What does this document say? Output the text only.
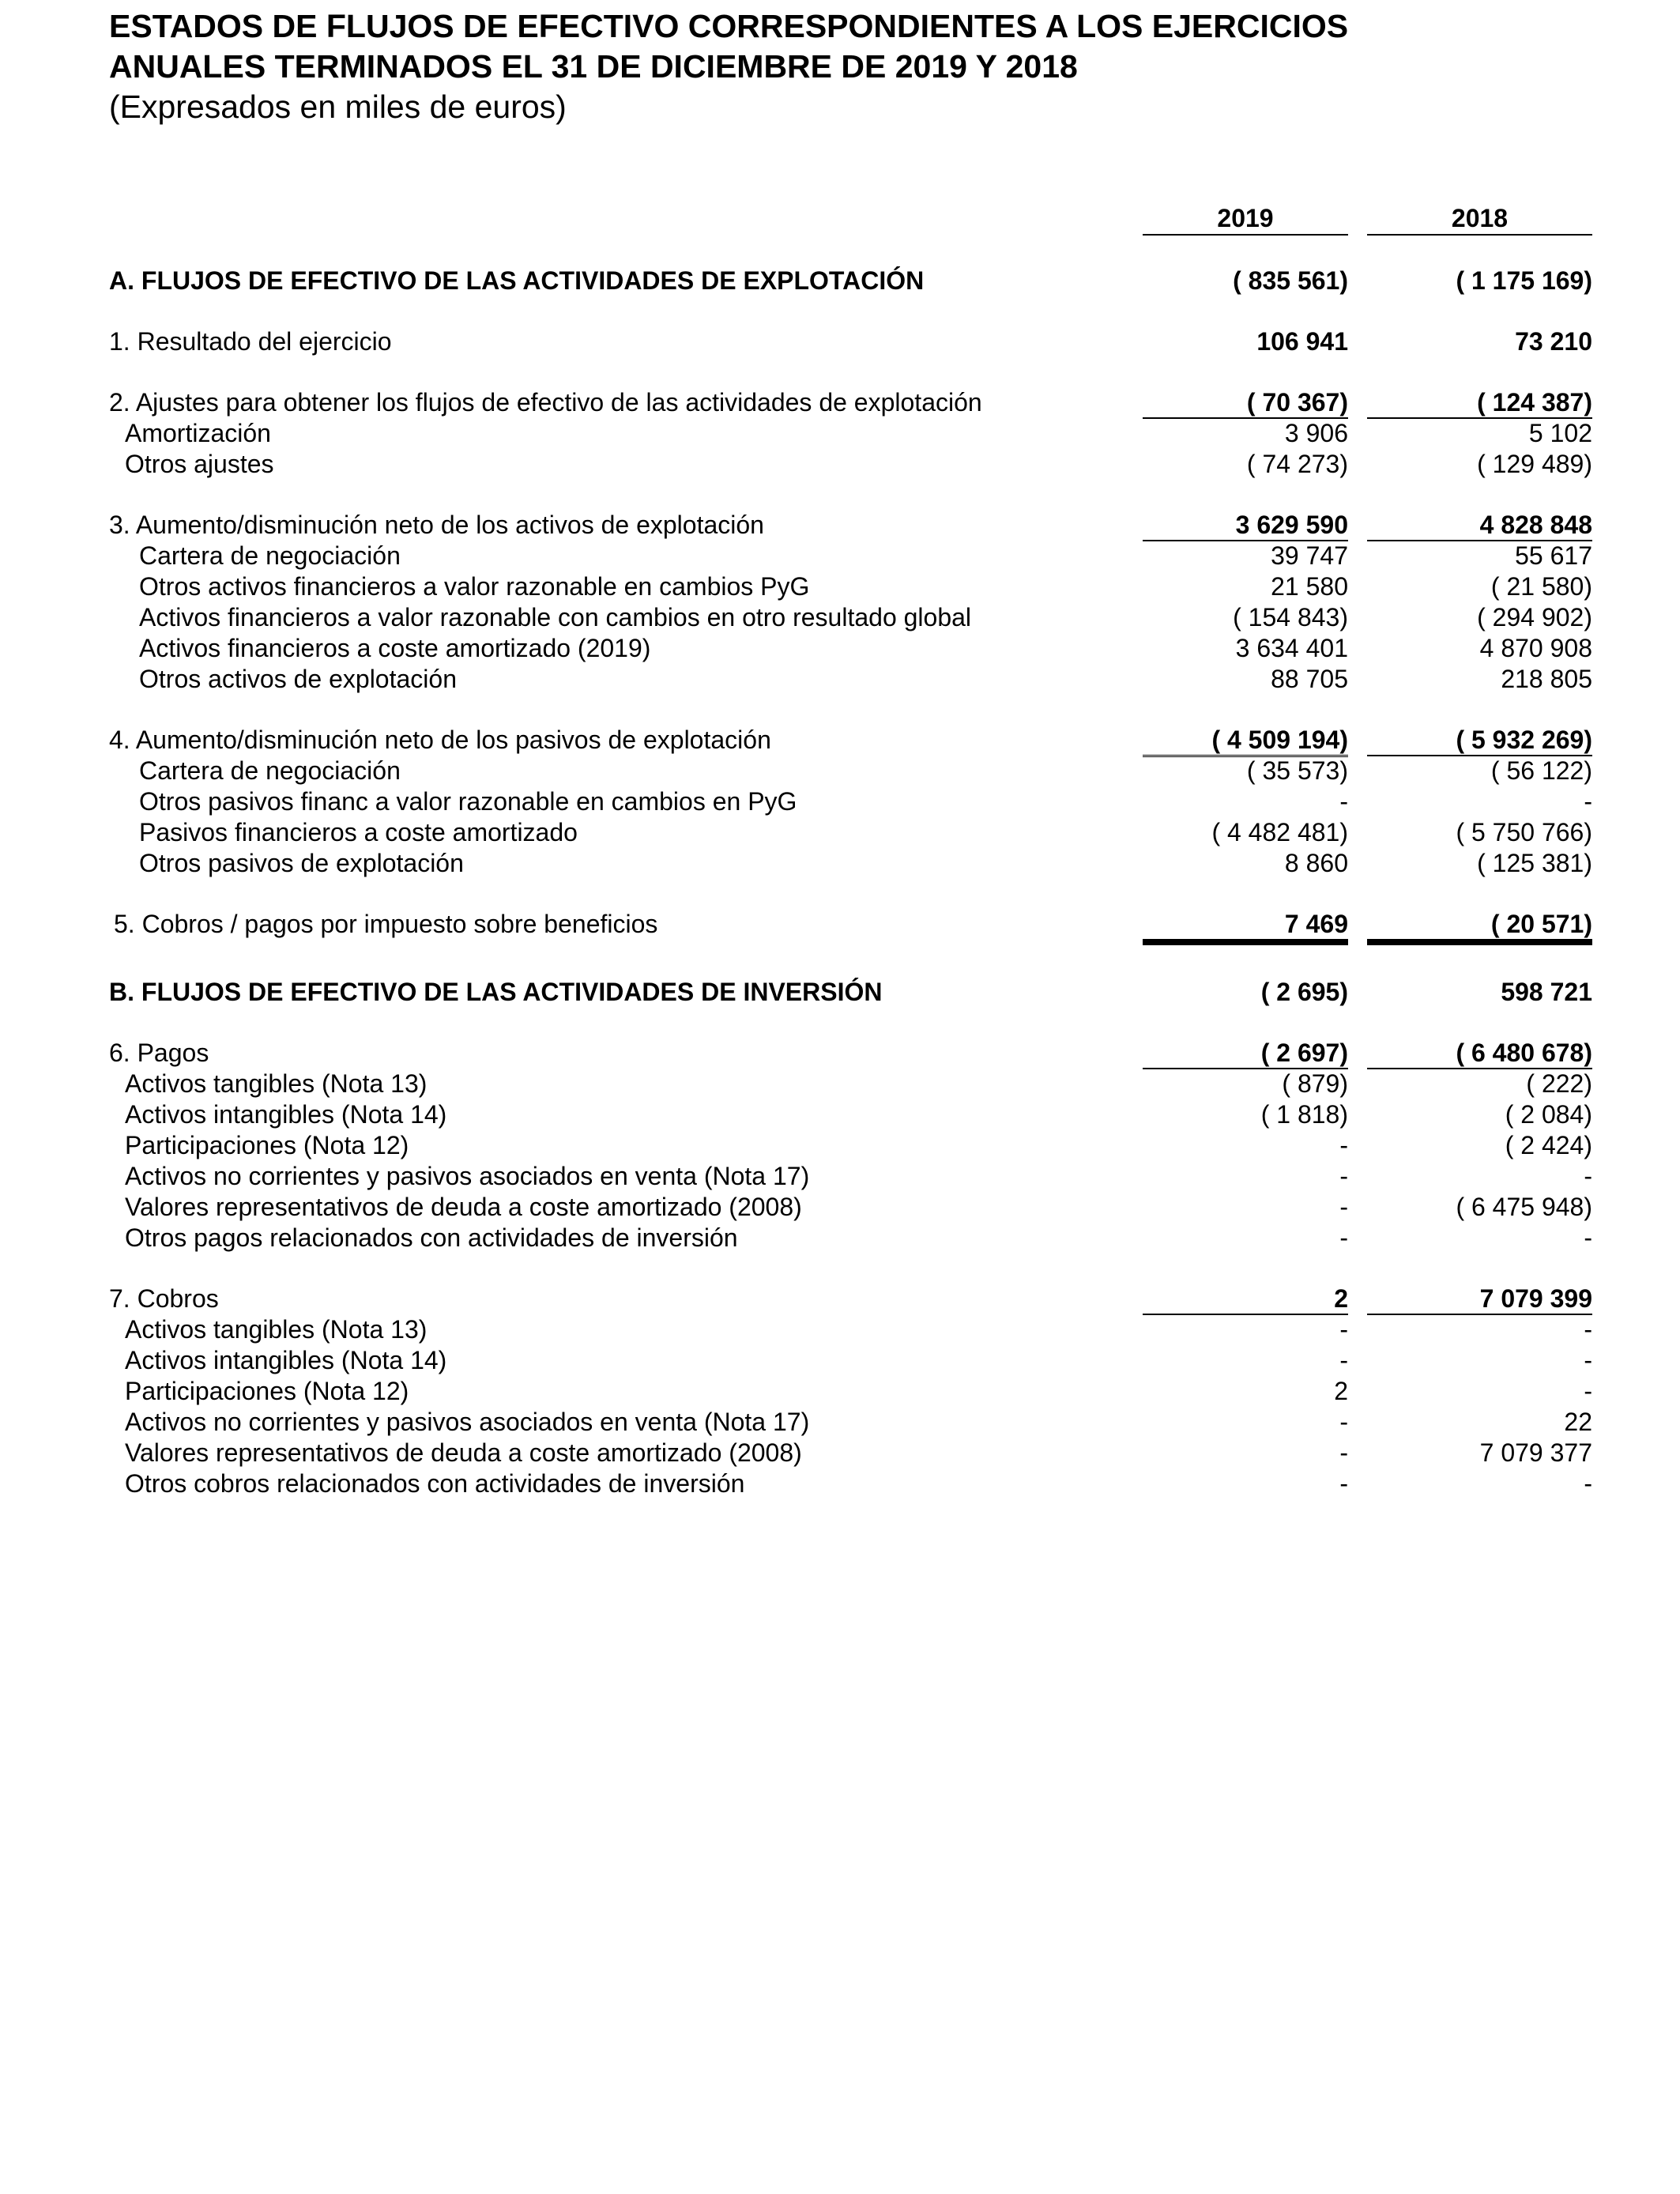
ESTADOS DE FLUJOS DE EFECTIVO CORRESPONDIENTES A LOS EJERCICIOS
ANUALES TERMINADOS EL 31 DE DICIEMBRE DE 2019 Y 2018
(Expresados en miles de euros)
2019	2018
A. FLUJOS DE EFECTIVO DE LAS ACTIVIDADES DE EXPLOTACIÓN	( 835 561)	( 1 175 169)
1. Resultado del ejercicio	106 941	73 210
2. Ajustes para obtener los flujos de efectivo de las actividades de explotación	( 70 367)	( 124 387)
Amortización	3 906	5 102
Otros ajustes	( 74 273)	( 129 489)
3. Aumento/disminución neto de los activos de explotación	3 629 590	4 828 848
Cartera de negociación	39 747	55 617
Otros activos financieros a valor razonable en cambios PyG	21 580	( 21 580)
Activos financieros a valor razonable con cambios en otro resultado global	( 154 843)	( 294 902)
Activos financieros a coste amortizado (2019)	3 634 401	4 870 908
Otros activos de explotación	88 705	218 805
4. Aumento/disminución neto de los pasivos de explotación	( 4 509 194)	( 5 932 269)
Cartera de negociación	( 35 573)	( 56 122)
Otros pasivos financ a valor razonable en cambios en PyG	-	-
Pasivos financieros a coste amortizado	( 4 482 481)	( 5 750 766)
Otros pasivos de explotación	8 860	( 125 381)
5. Cobros / pagos por impuesto sobre beneficios	7 469	( 20 571)
B. FLUJOS DE EFECTIVO DE LAS ACTIVIDADES DE INVERSIÓN	( 2 695)	598 721
6. Pagos	( 2 697)	( 6 480 678)
Activos tangibles (Nota 13)	( 879)	( 222)
Activos intangibles (Nota 14)	( 1 818)	( 2 084)
Participaciones (Nota 12)	-	( 2 424)
Activos no corrientes y pasivos asociados en venta (Nota 17)	-	-
Valores representativos de deuda a coste amortizado (2008)	-	( 6 475 948)
Otros pagos relacionados con actividades de inversión	-	-
7. Cobros	2	7 079 399
Activos tangibles (Nota 13)	-	-
Activos intangibles (Nota 14)	-	-
Participaciones (Nota 12)	2	-
Activos no corrientes y pasivos asociados en venta (Nota 17)	-	22
Valores representativos de deuda a coste amortizado (2008)	-	7 079 377
Otros cobros relacionados con actividades de inversión	-	-
